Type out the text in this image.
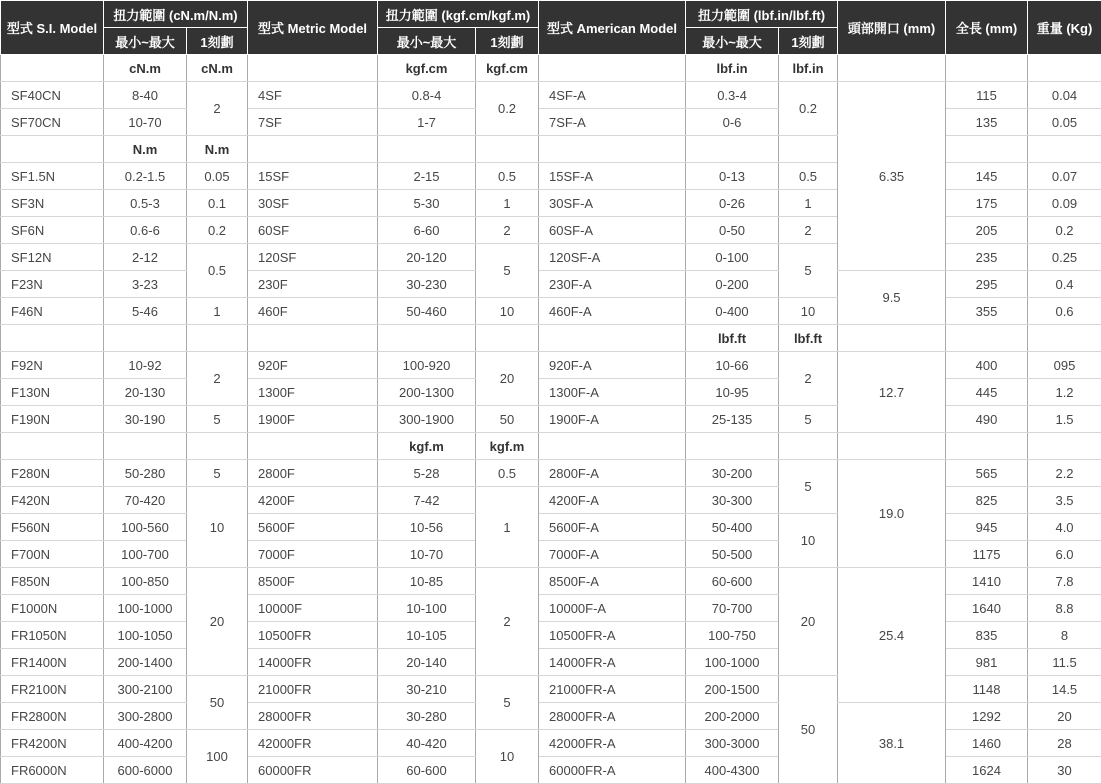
型式 S.I. Model	扭力範圍 (cN.m/N.m)		型式 Metric Model	扭力範圍 (kgf.cm/kgf.m)		型式 American Model	扭力範圍 (lbf.in/lbf.ft)		頭部開口 (mm)	全長 (mm)	重量 (Kg)
	最小~最大	1刻劃		最小~最大	1刻劃		最小~最大	1刻劃			
	cN.m	cN.m		kgf.cm	kgf.cm		lbf.in	lbf.in			
SF40CN	8-40	2	4SF	0.8-4	0.2	4SF-A	0.3-4	0.2	6.35	115	0.04
SF70CN	10-70		7SF	1-7		7SF-A	0-6			135	0.05
	N.m	N.m									
SF1.5N	0.2-1.5	0.05	15SF	2-15	0.5	15SF-A	0-13	0.5		145	0.07
SF3N	0.5-3	0.1	30SF	5-30	1	30SF-A	0-26	1		175	0.09
SF6N	0.6-6	0.2	60SF	6-60	2	60SF-A	0-50	2		205	0.2
SF12N	2-12	0.5	120SF	20-120	5	120SF-A	0-100	5		235	0.25
F23N	3-23		230F	30-230		230F-A	0-200		9.5	295	0.4
F46N	5-46	1	460F	50-460	10	460F-A	0-400	10		355	0.6
							lbf.ft	lbf.ft			
F92N	10-92	2	920F	100-920	20	920F-A	10-66	2	12.7	400	095
F130N	20-130		1300F	200-1300		1300F-A	10-95			445	1.2
F190N	30-190	5	1900F	300-1900	50	1900F-A	25-135	5		490	1.5
				kgf.m	kgf.m						
F280N	50-280	5	2800F	5-28	0.5	2800F-A	30-200	5	19.0	565	2.2
F420N	70-420	10	4200F	7-42	1	4200F-A	30-300			825	3.5
F560N	100-560		5600F	10-56		5600F-A	50-400	10		945	4.0
F700N	100-700		7000F	10-70		7000F-A	50-500			1175	6.0
F850N	100-850	20	8500F	10-85	2	8500F-A	60-600	20	25.4	1410	7.8
F1000N	100-1000		10000F	10-100		10000F-A	70-700			1640	8.8
FR1050N	100-1050		10500FR	10-105		10500FR-A	100-750			835	8
FR1400N	200-1400		14000FR	20-140		14000FR-A	100-1000			981	11.5
FR2100N	300-2100	50	21000FR	30-210	5	21000FR-A	200-1500	50		1148	14.5
FR2800N	300-2800		28000FR	30-280		28000FR-A	200-2000		38.1	1292	20
FR4200N	400-4200	100	42000FR	40-420	10	42000FR-A	300-3000			1460	28
FR6000N	600-6000		60000FR	60-600		60000FR-A	400-4300			1624	30
